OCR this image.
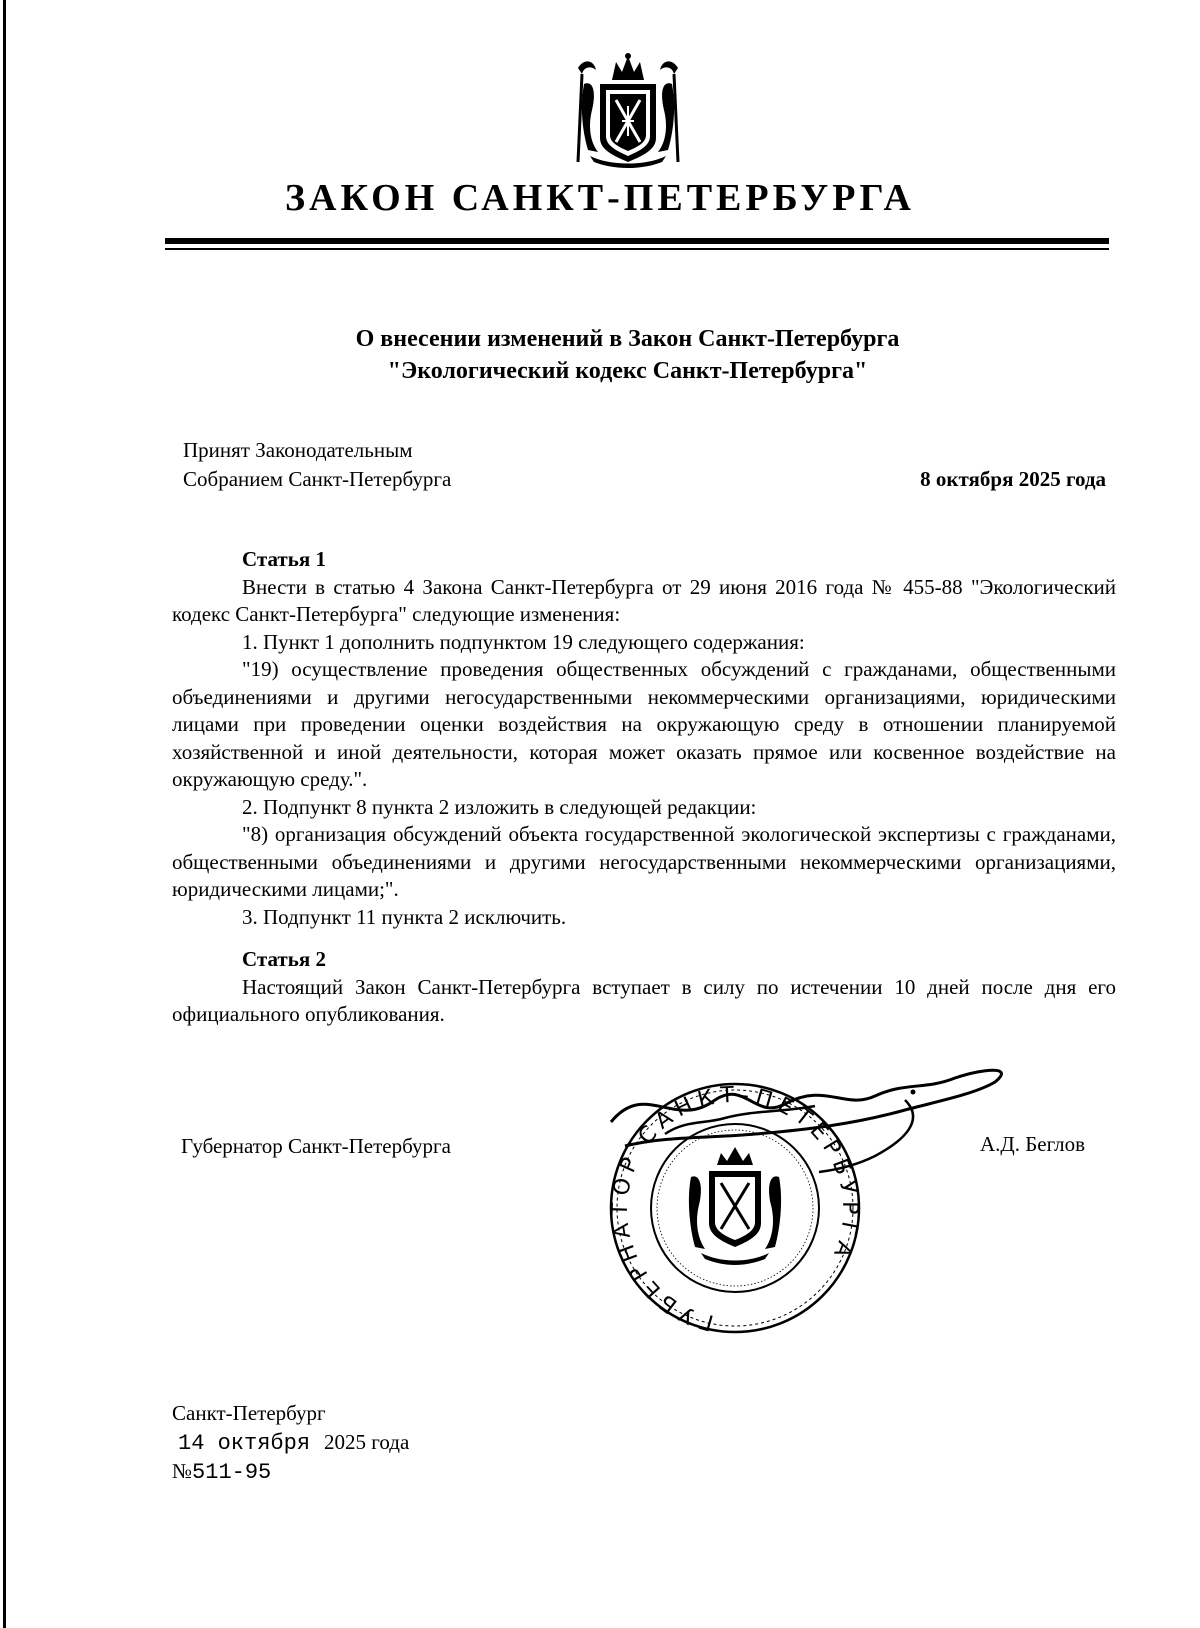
ЗАКОН САНКТ-ПЕТЕРБУРГА
О внесении изменений в Закон Санкт-Петербурга
"Экологический кодекс Санкт-Петербурга"
Принят Законодательным
Собранием Санкт-Петербурга	8 октября 2025 года

Статья 1

Внести в статью 4 Закона Санкт-Петербурга от 29 июня 2016 года № 455-88 "Экологический кодекс Санкт-Петербурга" следующие изменения:

1. Пункт 1 дополнить подпунктом 19 следующего содержания:

"19) осуществление проведения общественных обсуждений с гражданами, общественными объединениями и другими негосударственными некоммерческими организациями, юридическими лицами при проведении оценки воздействия на окружающую среду в отношении планируемой хозяйственной и иной деятельности, которая может оказать прямое или косвенное воздействие на окружающую среду.".

2. Подпункт 8 пункта 2 изложить в следующей редакции:

"8) организация обсуждений объекта государственной экологической экспертизы с гражданами, общественными объединениями и другими негосударственными некоммерческими организациями, юридическими лицами;".

3. Подпункт 11 пункта 2 исключить.

Статья 2

Настоящий Закон Санкт-Петербурга вступает в силу по истечении 10 дней после дня его официального опубликования.

Губернатор Санкт-Петербурга	А.Д. Беглов
ГУБЕРНАТОР САНКТ-ПЕТЕРБУРГА
Санкт-Петербург
14 октября 2025 года
№511-95
